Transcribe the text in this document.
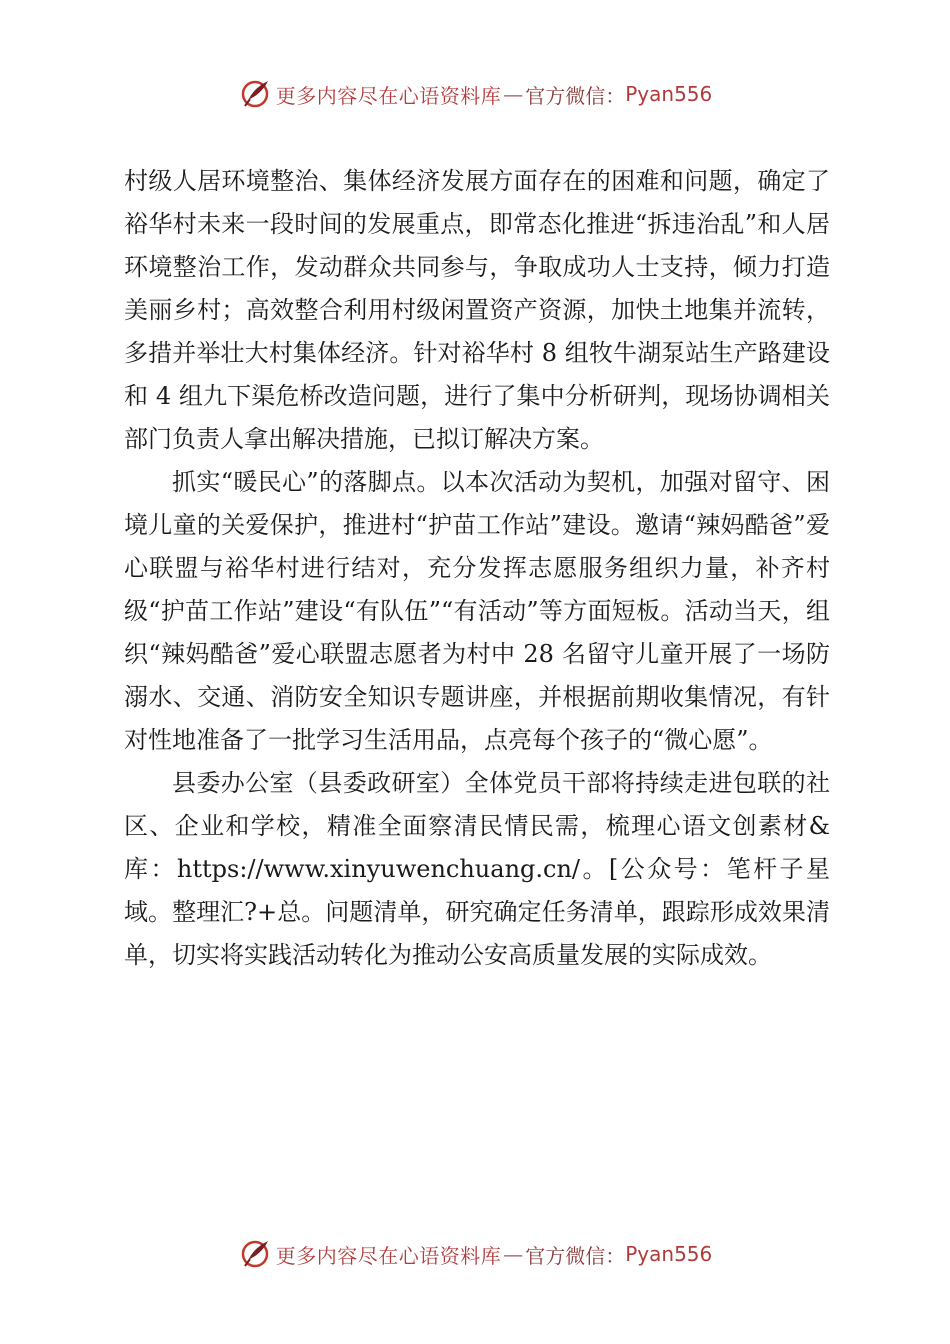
更多内容尽在心语资料库 — 官方微信： Pyan556

村级人居环境整治、集体经济发展方面存在的困难和问题，确定了裕华村未来一段时间的发展重点，即常态化推进“拆违治乱”和人居环境整治工作，发动群众共同参与，争取成功人士支持，倾力打造美丽乡村；高效整合利用村级闲置资产资源，加快土地集并流转，多措并举壮大村集体经济。针对裕华村 8 组牧牛湖泵站生产路建设和 4 组九下渠危桥改造问题，进行了集中分析研判，现场协调相关部门负责人拿出解决措施，已拟订解决方案。

抓实“暖民心”的落脚点。以本次活动为契机，加强对留守、困境儿童的关爱保护，推进村“护苗工作站”建设。邀请“辣妈酷爸”爱心联盟与裕华村进行结对，充分发挥志愿服务组织力量，补齐村级“护苗工作站”建设“有队伍”“有活动”等方面短板。活动当天，组织“辣妈酷爸”爱心联盟志愿者为村中 28 名留守儿童开展了一场防溺水、交通、消防安全知识专题讲座，并根据前期收集情况，有针对性地准备了一批学习生活用品，点亮每个孩子的“微心愿”。

县委办公室（县委政研室）全体党员干部将持续走进包联的社区、企业和学校，精准全面察清民情民需，梳理心语文创素材&库：https://www.xinyuwenchuang.cn/。[公众号：笔杆子星域。整理汇?+总。问题清单，研究确定任务清单，跟踪形成效果清单，切实将实践活动转化为推动公安高质量发展的实际成效。

更多内容尽在心语资料库 — 官方微信： Pyan556
